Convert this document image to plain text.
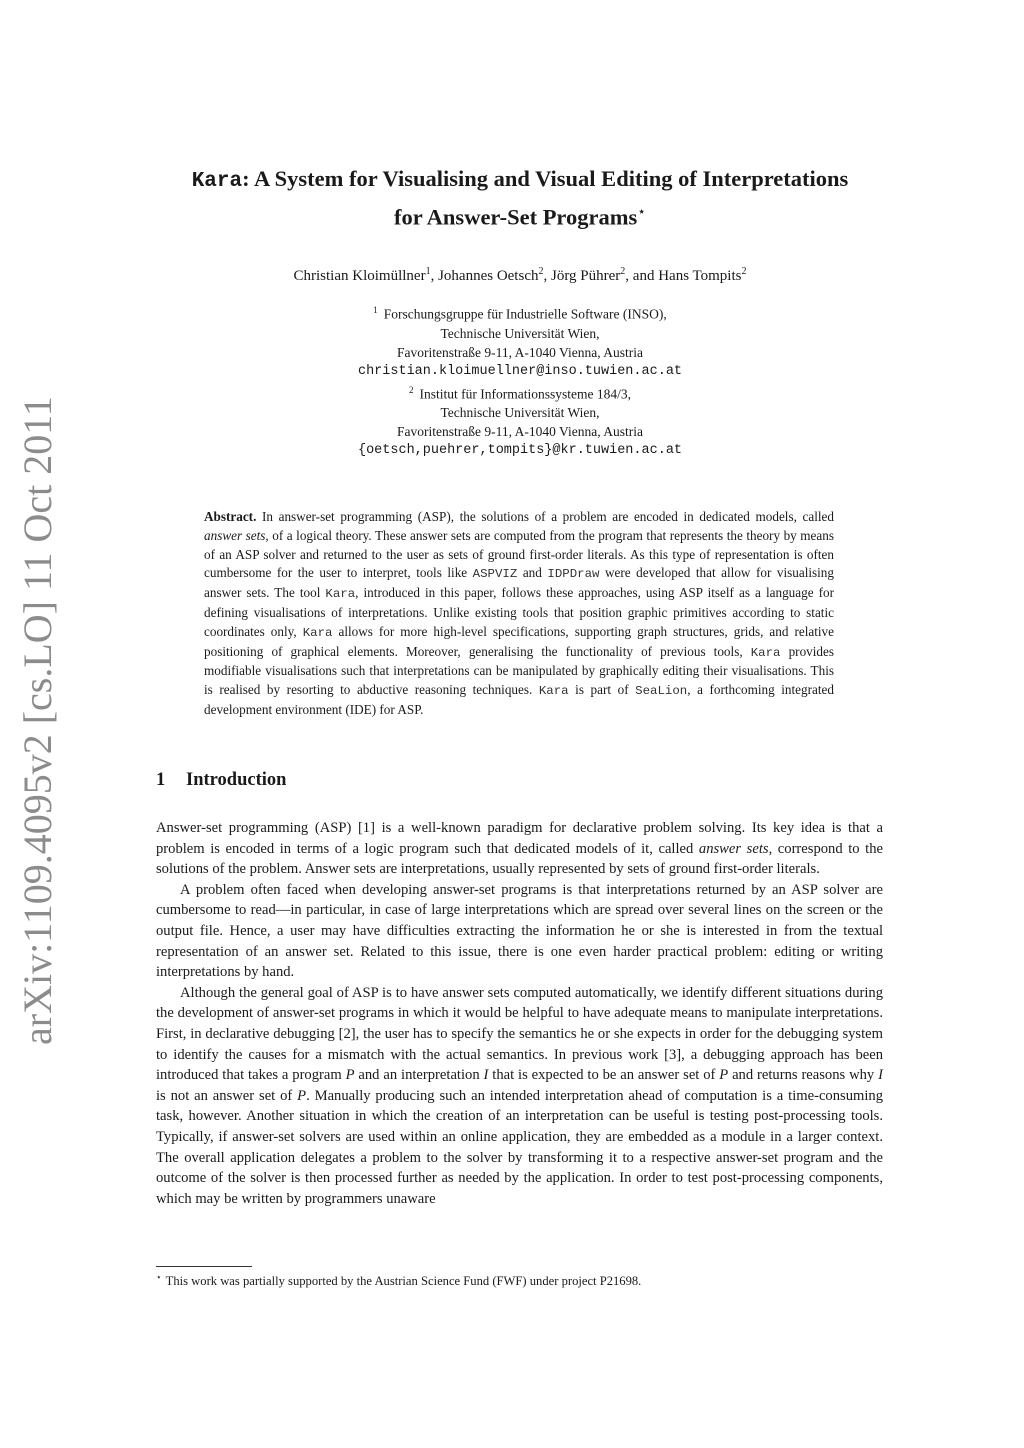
arXiv:1109.4095v2 [cs.LO] 11 Oct 2011
Kara: A System for Visualising and Visual Editing of Interpretations
for Answer-Set Programs⋆
Christian Kloimüllner$^1$, Johannes Oetsch$^2$, Jörg Pührer$^2$, and Hans Tompits$^2$
$^1$ Forschungsgruppe für Industrielle Software (INSO),
Technische Universität Wien,
Favoritenstraße 9-11, A-1040 Vienna, Austria
christian.kloimuellner@inso.tuwien.ac.at
$^2$ Institut für Informationssysteme 184/3,
Technische Universität Wien,
Favoritenstraße 9-11, A-1040 Vienna, Austria
{oetsch,puehrer,tompits}@kr.tuwien.ac.at
Abstract. In answer-set programming (ASP), the solutions of a problem are encoded in dedicated models, called answer sets, of a logical theory. These answer sets are computed from the program that represents the theory by means of an ASP solver and returned to the user as sets of ground first-order literals. As this type of representation is often cumbersome for the user to interpret, tools like ASPVIZ and IDPDraw were developed that allow for visualising answer sets. The tool Kara, introduced in this paper, follows these approaches, using ASP itself as a language for defining visualisations of interpretations. Unlike existing tools that position graphic primitives according to static coordinates only, Kara allows for more high-level specifications, supporting graph structures, grids, and relative positioning of graphical elements. Moreover, generalising the functionality of previous tools, Kara provides modifiable visualisations such that interpretations can be manipulated by graphically editing their visualisations. This is realised by resorting to abductive reasoning techniques. Kara is part of SeaLion, a forthcoming integrated development environment (IDE) for ASP.
1 Introduction

Answer-set programming (ASP) [1] is a well-known paradigm for declarative problem solving. Its key idea is that a problem is encoded in terms of a logic program such that dedicated models of it, called answer sets, correspond to the solutions of the problem. Answer sets are interpretations, usually represented by sets of ground first-order literals.

A problem often faced when developing answer-set programs is that interpretations returned by an ASP solver are cumbersome to read—in particular, in case of large interpretations which are spread over several lines on the screen or the output file. Hence, a user may have difficulties extracting the information he or she is interested in from the textual representation of an answer set. Related to this issue, there is one even harder practical problem: editing or writing interpretations by hand.

Although the general goal of ASP is to have answer sets computed automatically, we identify different situations during the development of answer-set programs in which it would be helpful to have adequate means to manipulate interpretations. First, in declarative debugging [2], the user has to specify the semantics he or she expects in order for the debugging system to identify the causes for a mismatch with the actual semantics. In previous work [3], a debugging approach has been introduced that takes a program P and an interpretation I that is expected to be an answer set of P and returns reasons why I is not an answer set of P. Manually producing such an intended interpretation ahead of computation is a time-consuming task, however. Another situation in which the creation of an interpretation can be useful is testing post-processing tools. Typically, if answer-set solvers are used within an online application, they are embedded as a module in a larger context. The overall application delegates a problem to the solver by transforming it to a respective answer-set program and the outcome of the solver is then processed further as needed by the application. In order to test post-processing components, which may be written by programmers unaware

⋆ This work was partially supported by the Austrian Science Fund (FWF) under project P21698.
